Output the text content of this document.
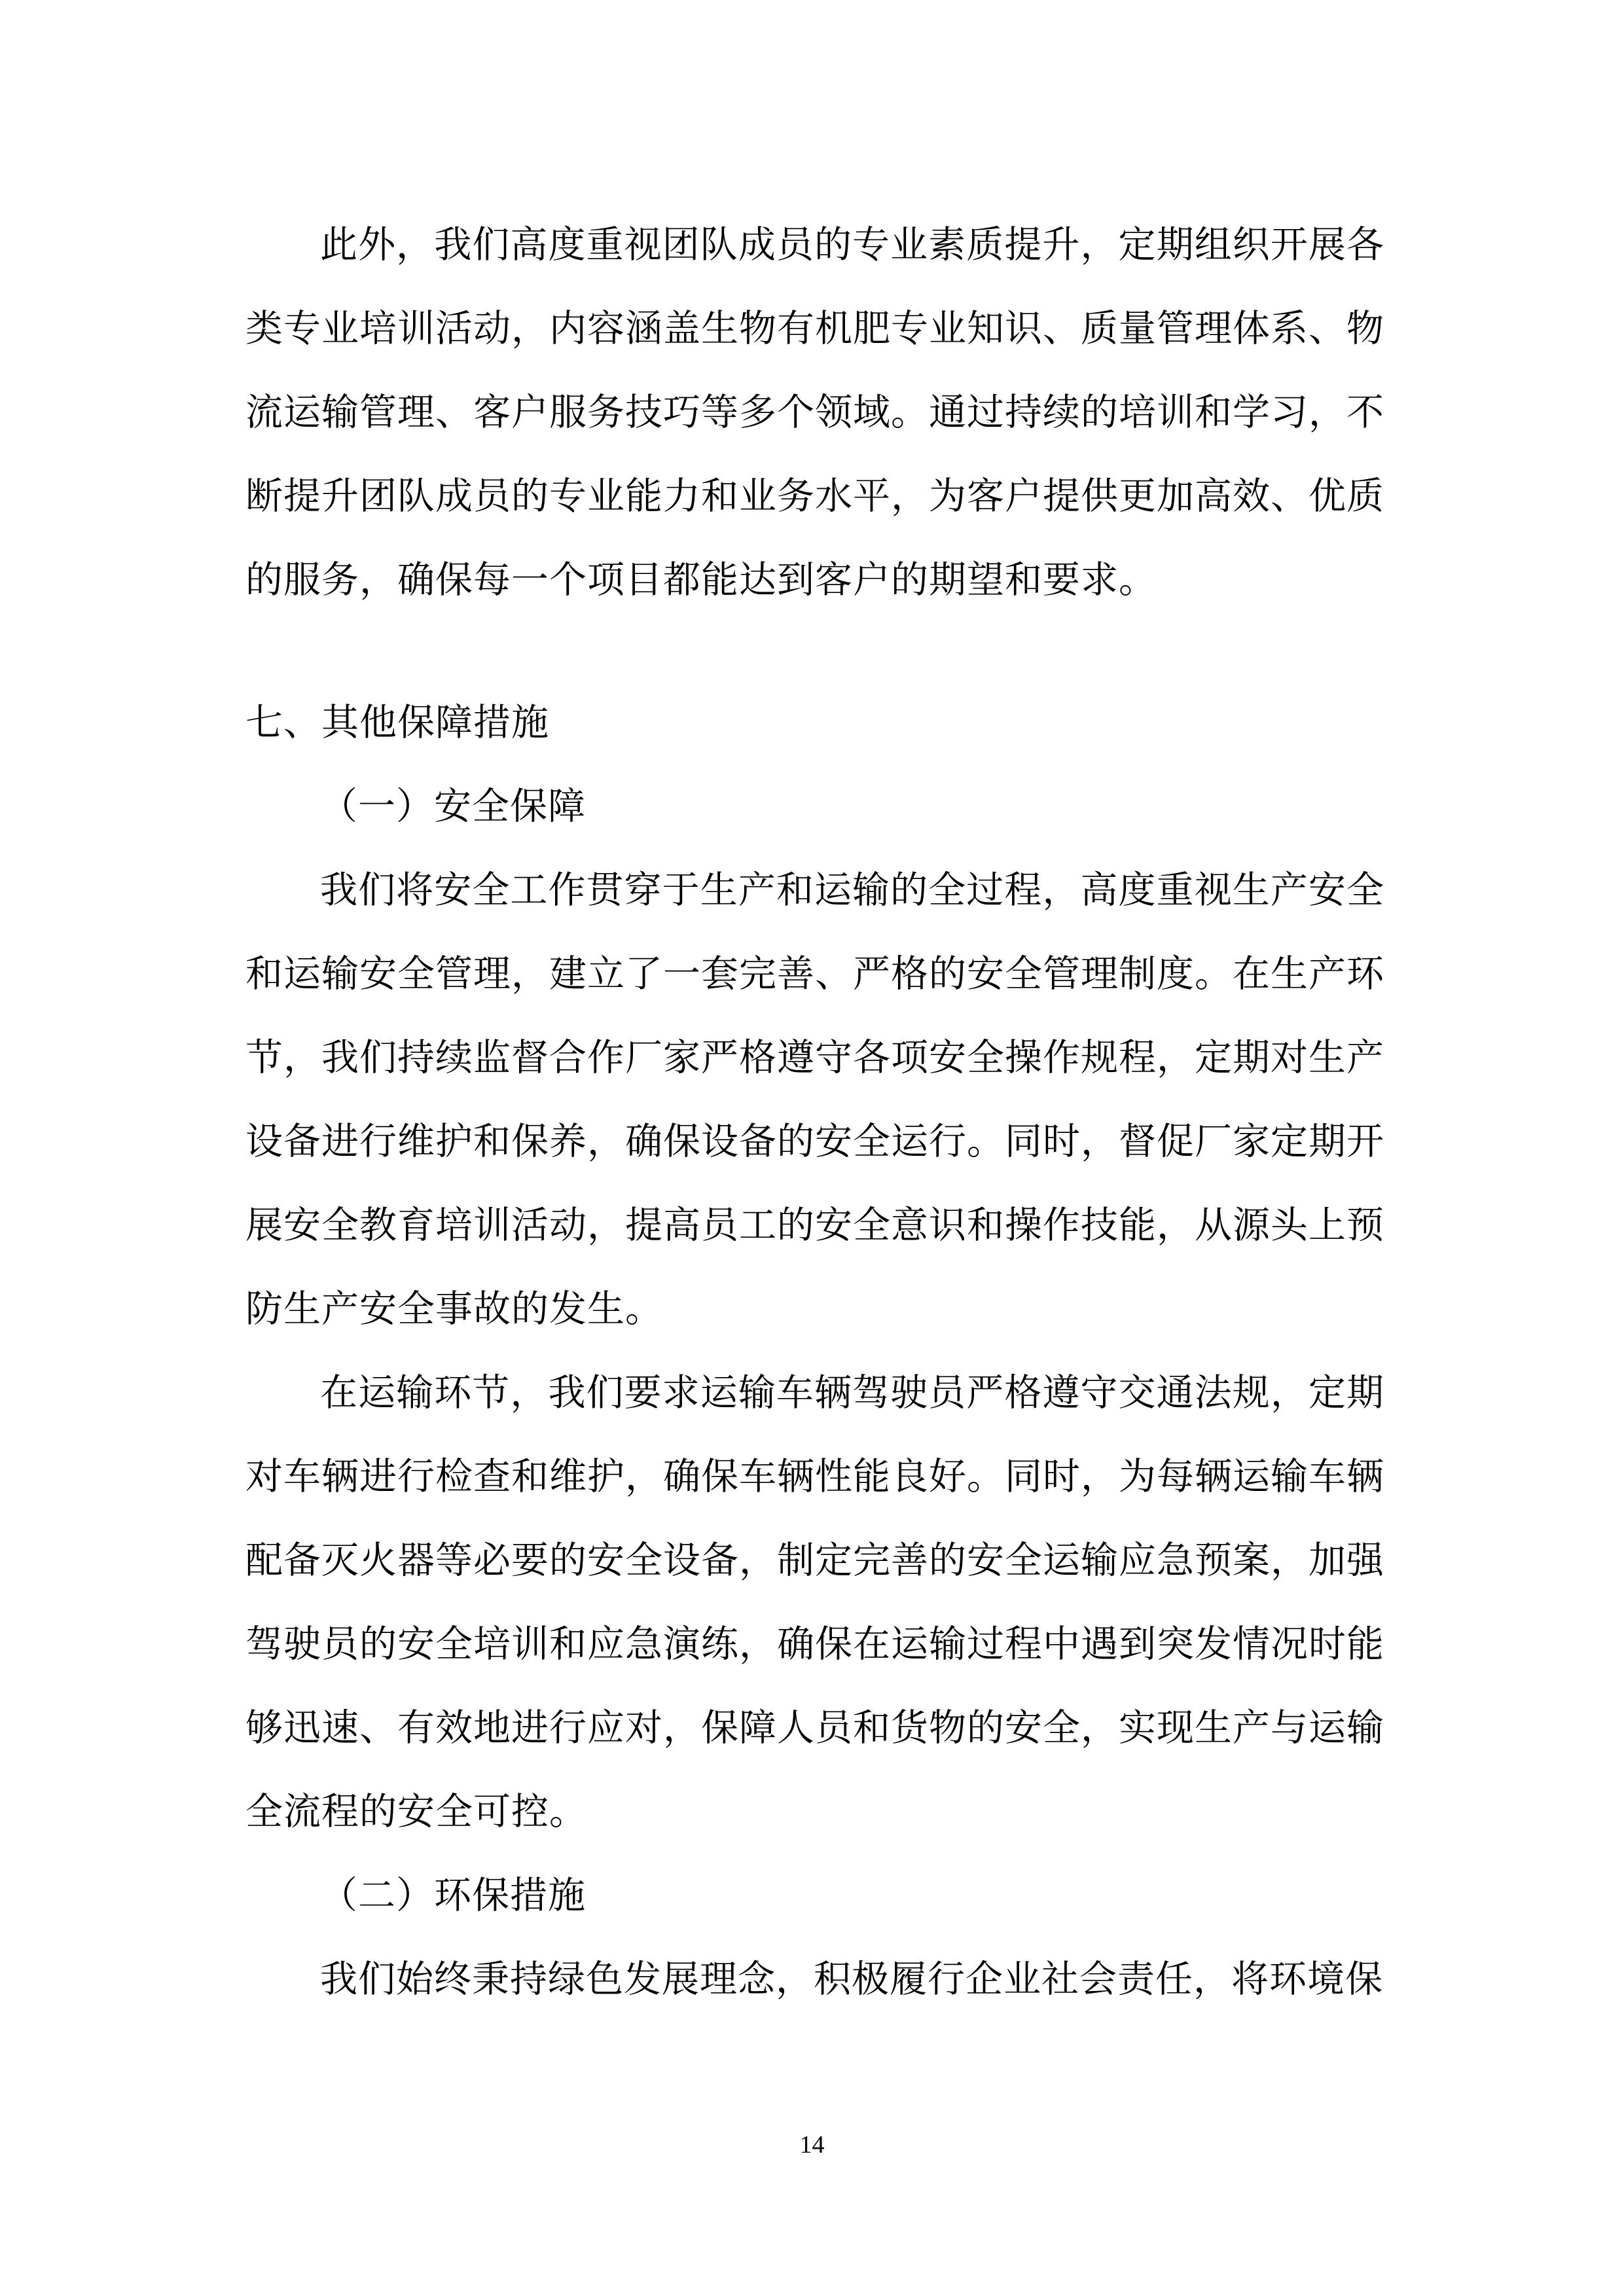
此外，我们高度重视团队成员的专业素质提升，定期组织开展各类专业培训活动，内容涵盖生物有机肥专业知识、质量管理体系、物流运输管理、客户服务技巧等多个领域。通过持续的培训和学习，不断提升团队成员的专业能力和业务水平，为客户提供更加高效、优质的服务，确保每一个项目都能达到客户的期望和要求。

七、其他保障措施

（一）安全保障

我们将安全工作贯穿于生产和运输的全过程，高度重视生产安全和运输安全管理，建立了一套完善、严格的安全管理制度。在生产环节，我们持续监督合作厂家严格遵守各项安全操作规程，定期对生产设备进行维护和保养，确保设备的安全运行。同时，督促厂家定期开展安全教育培训活动，提高员工的安全意识和操作技能，从源头上预防生产安全事故的发生。

在运输环节，我们要求运输车辆驾驶员严格遵守交通法规，定期对车辆进行检查和维护，确保车辆性能良好。同时，为每辆运输车辆配备灭火器等必要的安全设备，制定完善的安全运输应急预案，加强驾驶员的安全培训和应急演练，确保在运输过程中遇到突发情况时能够迅速、有效地进行应对，保障人员和货物的安全，实现生产与运输全流程的安全可控。

（二）环保措施

我们始终秉持绿色发展理念，积极履行企业社会责任，将环境保

14
